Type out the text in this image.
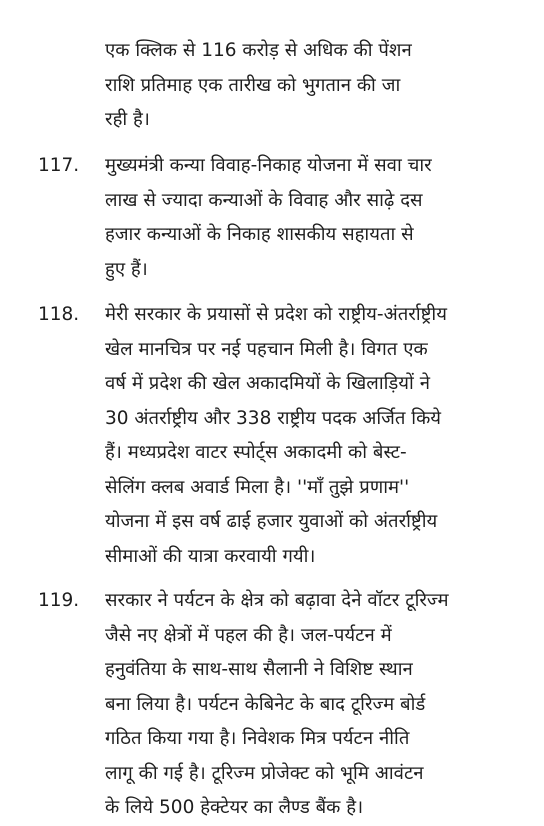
एक क्लिक से 116 करोड़ से अधिक की पेंशन
राशि प्रतिमाह एक तारीख को भुगतान की जा
रही है।
117. मुख्यमंत्री कन्या विवाह-निकाह योजना में सवा चार
लाख से ज्यादा कन्याओं के विवाह और साढ़े दस
हजार कन्याओं के निकाह शासकीय सहायता से
हुए हैं।
118. मेरी सरकार के प्रयासों से प्रदेश को राष्ट्रीय-अंतर्राष्ट्रीय
खेल मानचित्र पर नई पहचान मिली है। विगत एक
वर्ष में प्रदेश की खेल अकादमियों के खिलाड़ियों ने
30 अंतर्राष्ट्रीय और 338 राष्ट्रीय पदक अर्जित किये
हैं। मध्यप्रदेश वाटर स्पोर्ट्स अकादमी को बेस्ट-
सेलिंग क्लब अवार्ड मिला है। ''माँ तुझे प्रणाम''
योजना में इस वर्ष ढाई हजार युवाओं को अंतर्राष्ट्रीय
सीमाओं की यात्रा करवायी गयी।
119. सरकार ने पर्यटन के क्षेत्र को बढ़ावा देने वॉटर टूरिज्म
जैसे नए क्षेत्रों में पहल की है। जल-पर्यटन में
हनुवंतिया के साथ-साथ सैलानी ने विशिष्ट स्थान
बना लिया है। पर्यटन केबिनेट के बाद टूरिज्म बोर्ड
गठित किया गया है। निवेशक मित्र पर्यटन नीति
लागू की गई है। टूरिज्म प्रोजेक्ट को भूमि आवंटन
के लिये 500 हेक्टेयर का लैण्ड बैंक है।
